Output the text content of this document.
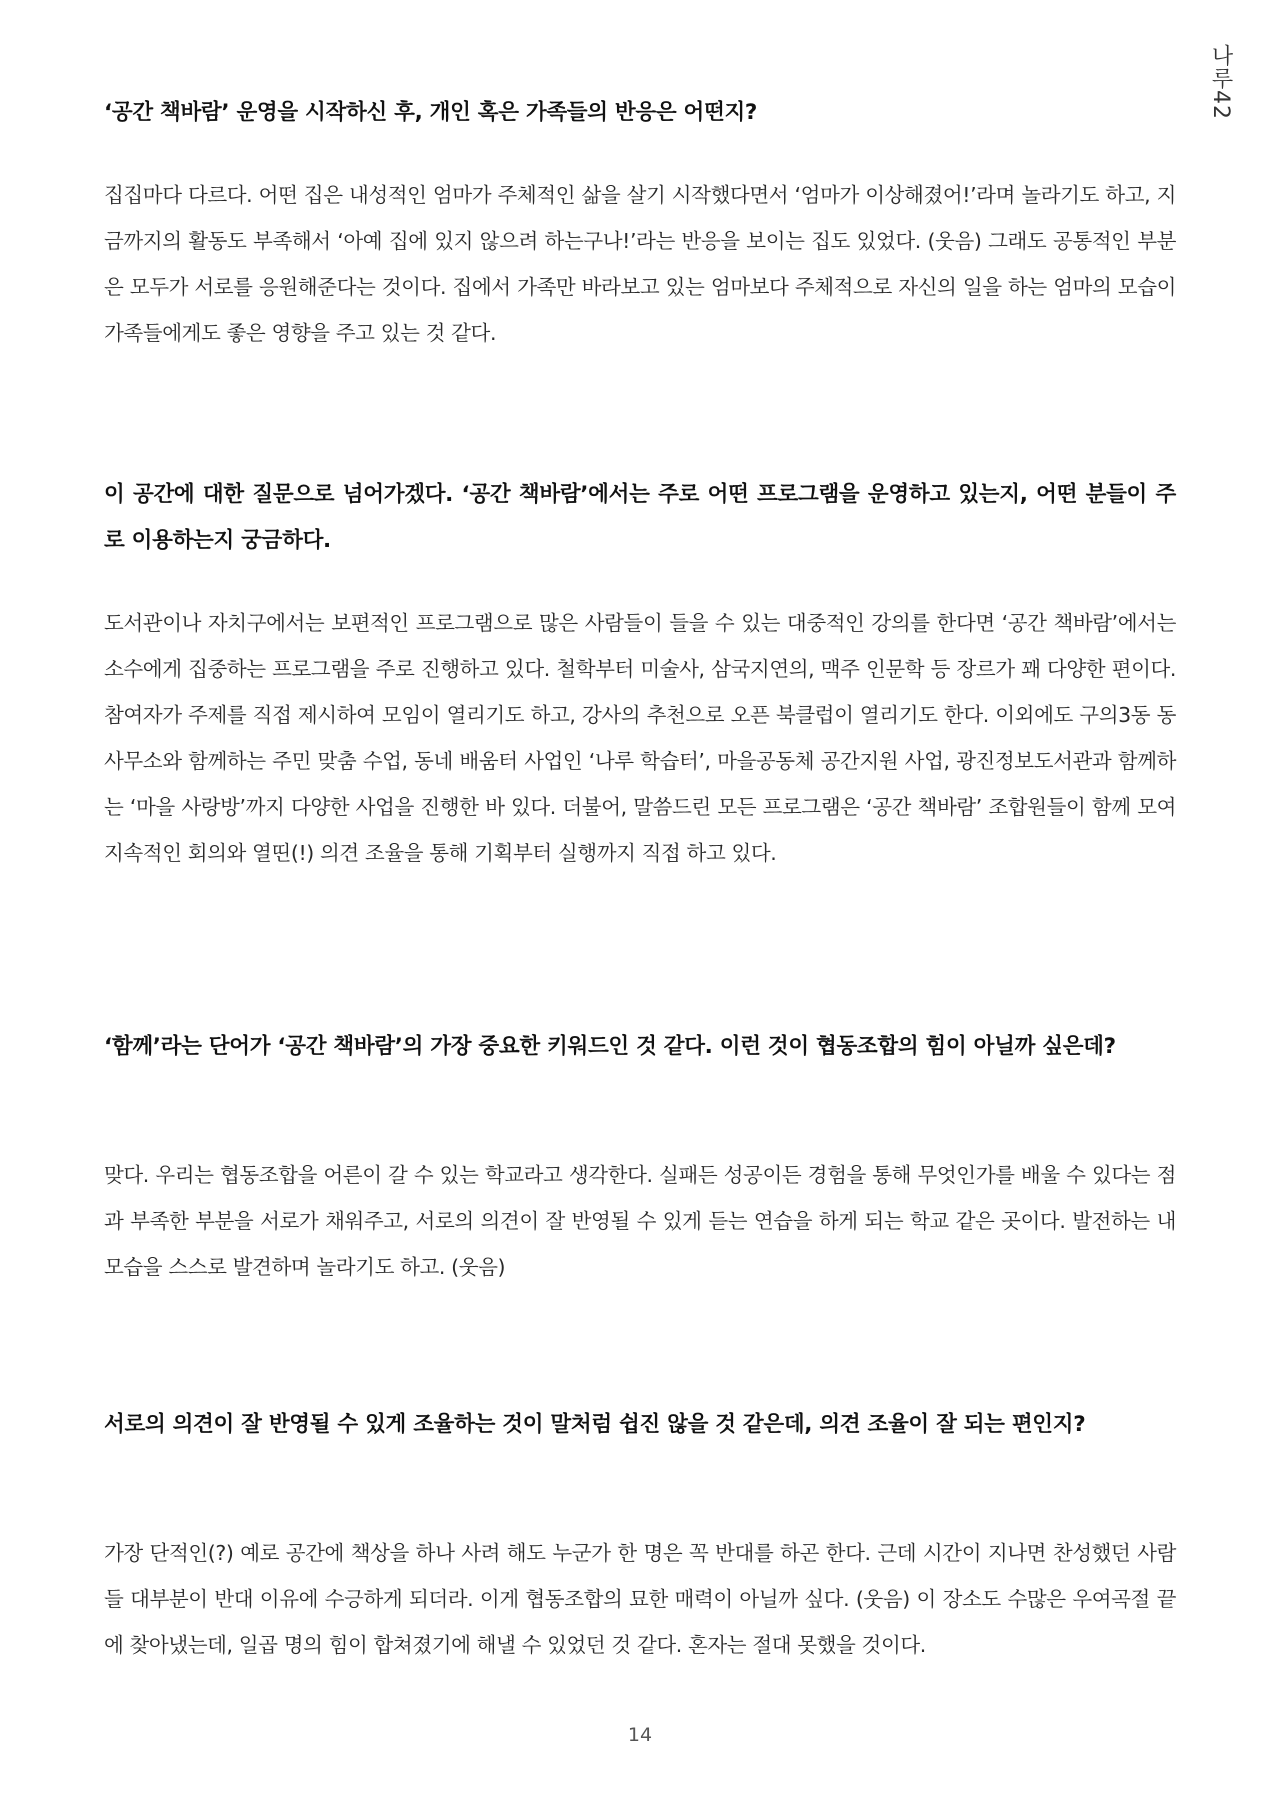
나루42

‘공간 책바람’ 운영을 시작하신 후, 개인 혹은 가족들의 반응은 어떤지?

집집마다 다르다. 어떤 집은 내성적인 엄마가 주체적인 삶을 살기 시작했다면서 ‘엄마가 이상해졌어!’라며 놀라기도 하고, 지금까지의 활동도 부족해서 ‘아예 집에 있지 않으려 하는구나!’라는 반응을 보이는 집도 있었다. (웃음) 그래도 공통적인 부분은 모두가 서로를 응원해준다는 것이다. 집에서 가족만 바라보고 있는 엄마보다 주체적으로 자신의 일을 하는 엄마의 모습이 가족들에게도 좋은 영향을 주고 있는 것 같다.

이 공간에 대한 질문으로 넘어가겠다. ‘공간 책바람’에서는 주로 어떤 프로그램을 운영하고 있는지, 어떤 분들이 주로 이용하는지 궁금하다.

도서관이나 자치구에서는 보편적인 프로그램으로 많은 사람들이 들을 수 있는 대중적인 강의를 한다면 ‘공간 책바람’에서는 소수에게 집중하는 프로그램을 주로 진행하고 있다. 철학부터 미술사, 삼국지연의, 맥주 인문학 등 장르가 꽤 다양한 편이다. 참여자가 주제를 직접 제시하여 모임이 열리기도 하고, 강사의 추천으로 오픈 북클럽이 열리기도 한다. 이외에도 구의3동 동사무소와 함께하는 주민 맞춤 수업, 동네 배움터 사업인 ‘나루 학습터’, 마을공동체 공간지원 사업, 광진정보도서관과 함께하는 ‘마을 사랑방’까지 다양한 사업을 진행한 바 있다. 더불어, 말씀드린 모든 프로그램은 ‘공간 책바람’ 조합원들이 함께 모여 지속적인 회의와 열띤(!) 의견 조율을 통해 기획부터 실행까지 직접 하고 있다.

‘함께’라는 단어가 ‘공간 책바람’의 가장 중요한 키워드인 것 같다. 이런 것이 협동조합의 힘이 아닐까 싶은데?

맞다. 우리는 협동조합을 어른이 갈 수 있는 학교라고 생각한다. 실패든 성공이든 경험을 통해 무엇인가를 배울 수 있다는 점과 부족한 부분을 서로가 채워주고, 서로의 의견이 잘 반영될 수 있게 듣는 연습을 하게 되는 학교 같은 곳이다. 발전하는 내 모습을 스스로 발견하며 놀라기도 하고. (웃음)

서로의 의견이 잘 반영될 수 있게 조율하는 것이 말처럼 쉽진 않을 것 같은데, 의견 조율이 잘 되는 편인지?

가장 단적인(?) 예로 공간에 책상을 하나 사려 해도 누군가 한 명은 꼭 반대를 하곤 한다. 근데 시간이 지나면 찬성했던 사람들 대부분이 반대 이유에 수긍하게 되더라. 이게 협동조합의 묘한 매력이 아닐까 싶다. (웃음) 이 장소도 수많은 우여곡절 끝에 찾아냈는데, 일곱 명의 힘이 합쳐졌기에 해낼 수 있었던 것 같다. 혼자는 절대 못했을 것이다.

14
